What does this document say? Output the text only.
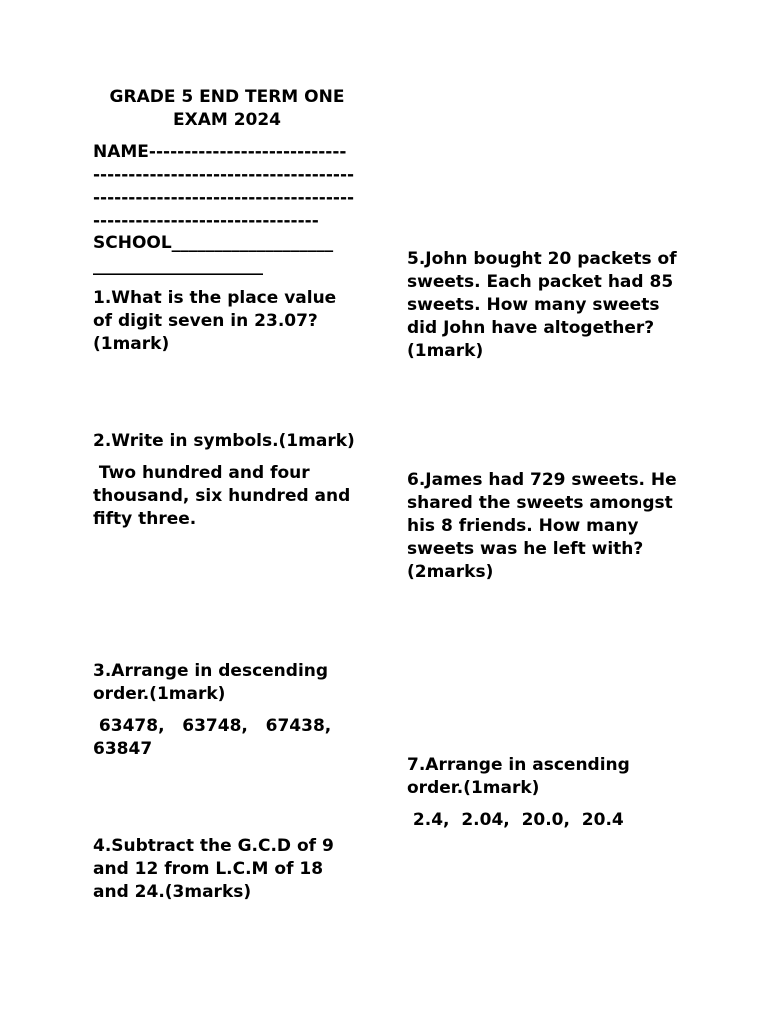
GRADE 5 END TERM ONE

EXAM 2024

NAME----------------------------

-------------------------------------

-------------------------------------

--------------------------------

SCHOOL___________________

____________________

1.What is the place value of digit seven in 23.07?(1mark)

2.Write in symbols.(1mark)

Two hundred and four thousand, six hundred and fifty three.

3.Arrange in descending order.(1mark)

63478,   63748,   67438, 63847

4.Subtract the G.C.D of 9 and 12 from L.C.M of 18 and 24.(3marks)

5.John bought 20 packets of sweets. Each packet had 85 sweets. How many sweets did John have altogether?(1mark)

6.James had 729 sweets. He shared the sweets amongst his 8 friends. How many sweets was he left with?(2marks)

7.Arrange in ascending order.(1mark)

2.4,  2.04,  20.0,  20.4
